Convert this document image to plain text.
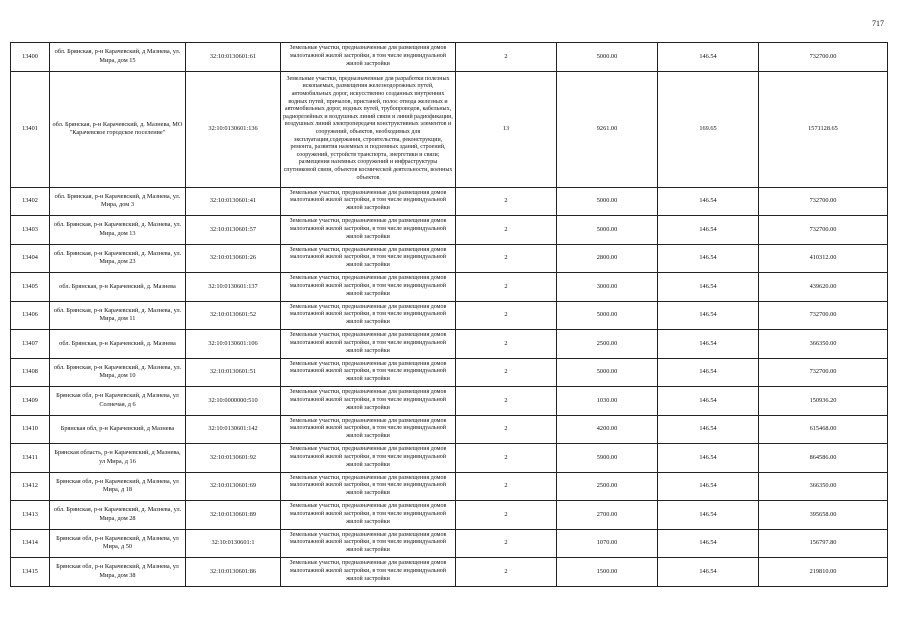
717
13400	обл. Брянская, р-н Карачевский, д Мазнева, ул. Мира, дом 15	32:10:0130601:61	Земельные участки, предназначенные для размещения домов малоэтажной жилой застройки, в том числе индивидуальной жилой застройки	2	5000.00	146.54	732700.00
13401	обл. Брянская, р-н Карачевский, д. Мазнева, МО "Карачевское городское поселение"	32:10:0130601:136	Земельные участки, предназначенные для разработки полезных ископаемых, размещения железнодорожных путей, автомобильных дорог, искусственно созданных внутренних водных путей, причалов, пристаней, полос отвода железных и автомобильных дорог, водных путей, трубопроводов, кабельных, радиорелейных и воздушных линий связи и линий радиофикации, воздушных линий электропередачи конструктивных элементов и сооружений, объектов, необходимых для эксплуатации,содержания, строительства, реконструкции, ремонта, развития наземных и подземных зданий, строений, сооружений, устройств транспорта, энергетики и связи; размещения наземных сооружений и инфраструктуры спутниковой связи, объектов космической деятельности, военных объектов	13	9261.00	169.65	1571128.65
13402	обл. Брянская, р-н Карачевский, д Мазнева, ул. Мира, дом 3	32:10:0130601:41	Земельные участки, предназначенные для размещения домов малоэтажной жилой застройки, в том числе индивидуальной жилой застройки	2	5000.00	146.54	732700.00
13403	обл. Брянская, р-н Карачевский, д. Мазнева, ул. Мира, дом 13	32:10:0130601:57	Земельные участки, предназначенные для размещения домов малоэтажной жилой застройки, в том числе индивидуальной жилой застройки	2	5000.00	146.54	732700.00
13404	обл. Брянская, р-н Карачевский, д. Мазнева, ул. Мира, дом 23	32:10:0130601:26	Земельные участки, предназначенные для размещения домов малоэтажной жилой застройки, в том числе индивидуальной жилой застройки	2	2800.00	146.54	410312.00
13405	обл. Брянская, р-н Карачевский, д. Мазнева	32:10:0130601:137	Земельные участки, предназначенные для размещения домов малоэтажной жилой застройки, в том числе индивидуальной жилой застройки	2	3000.00	146.54	439620.00
13406	обл. Брянская, р-н Карачевский, д. Мазнева, ул. Мира, дом 11	32:10:0130601:52	Земельные участки, предназначенные для размещения домов малоэтажной жилой застройки, в том числе индивидуальной жилой застройки	2	5000.00	146.54	732700.00
13407	обл. Брянская, р-н Карачевский, д. Мазнева	32:10:0130601:106	Земельные участки, предназначенные для размещения домов малоэтажной жилой застройки, в том числе индивидуальной жилой застройки	2	2500.00	146.54	366350.00
13408	обл. Брянская, р-н Карачевский, д. Мазнева, ул. Мира, дом 10	32:10:0130601:51	Земельные участки, предназначенные для размещения домов малоэтажной жилой застройки, в том числе индивидуальной жилой застройки	2	5000.00	146.54	732700.00
13409	Брянская обл, р-н Карачевский, д Мазнева, ул Солнечая, д 6	32:10:0000000:510	Земельные участки, предназначенные для размещения домов малоэтажной жилой застройки, в том числе индивидуальной жилой застройки	2	1030.00	146.54	150936.20
13410	Брянская обл, р-н Карачевский, д Мазнева	32:10:0130601:142	Земельные участки, предназначенные для размещения домов малоэтажной жилой застройки, в том числе индивидуальной жилой застройки	2	4200.00	146.54	615468.00
13411	Брянская область, р-н Карачевский, д Мазнева, ул Мира, д 16	32:10:0130601:92	Земельные участки, предназначенные для размещения домов малоэтажной жилой застройки, в том числе индивидуальной жилой застройки	2	5900.00	146.54	864586.00
13412	Брянская обл, р-н Карачевский, д Мазнева, ул Мира, д 18	32:10:0130601:69	Земельные участки, предназначенные для размещения домов малоэтажной жилой застройки, в том числе индивидуальной жилой застройки	2	2500.00	146.54	366350.00
13413	обл. Брянская, р-н Карачевский, д. Мазнева, ул. Мира, дом 28	32:10:0130601:89	Земельные участки, предназначенные для размещения домов малоэтажной жилой застройки, в том числе индивидуальной жилой застройки	2	2700.00	146.54	395658.00
13414	Брянская обл, р-н Карачевский, д Мазнева, ул Мира, д 50	32:10:0130601:1	Земельные участки, предназначенные для размещения домов малоэтажной жилой застройки, в том числе индивидуальной жилой застройки	2	1070.00	146.54	156797.80
13415	Брянская обл, р-н Карачевский, д Мазнева, ул Мира, дом 38	32:10:0130601:86	Земельные участки, предназначенные для размещения домов малоэтажной жилой застройки, в том числе индивидуальной жилой застройки	2	1500.00	146.54	219810.00
